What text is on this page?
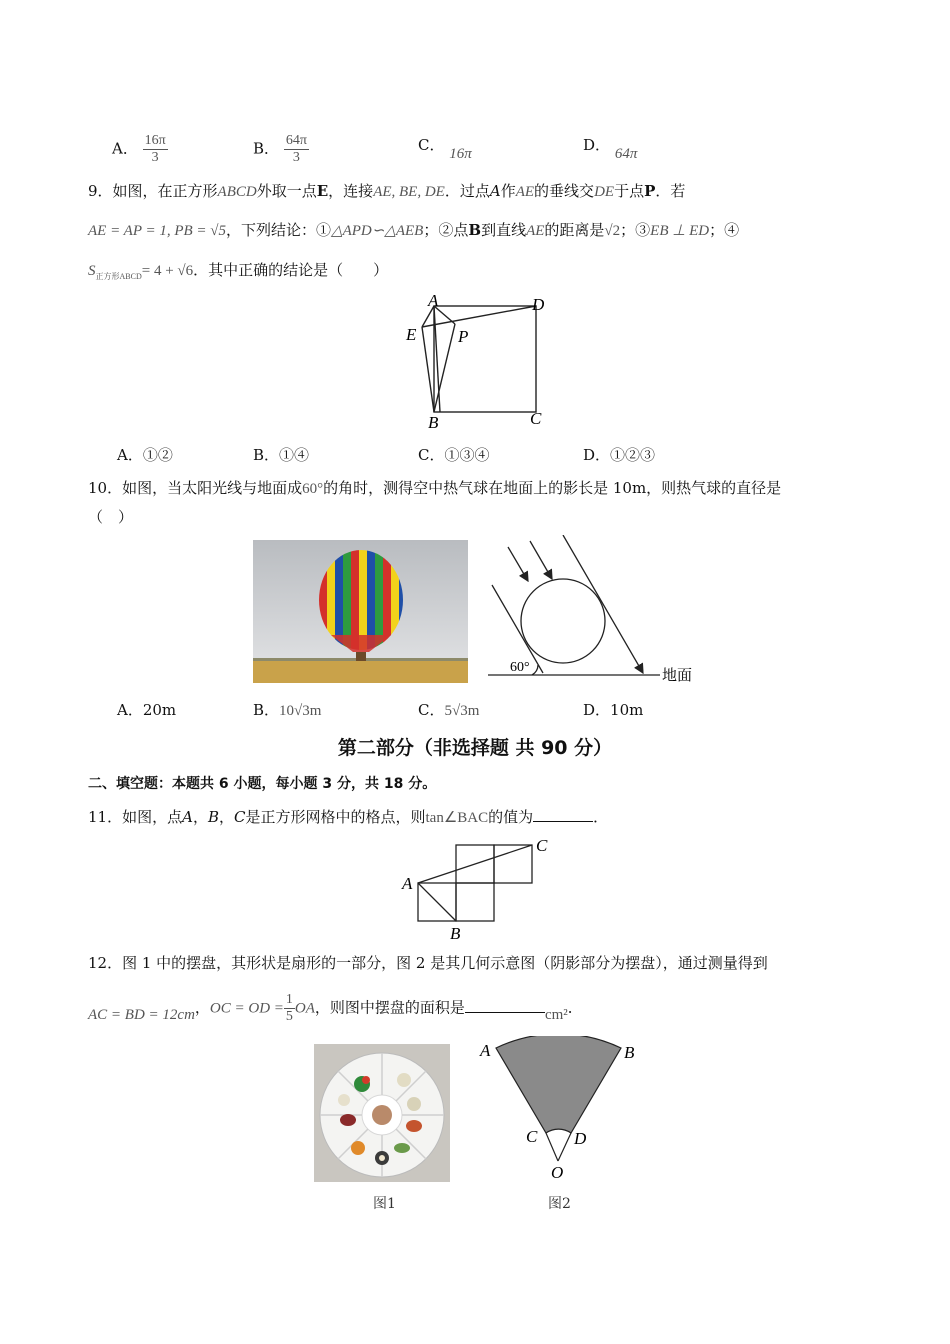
A． $\frac{16\pi}{3}$	B． $\frac{64\pi}{3}$	C． 16π	D． 64π
9．如图，在正方形ABCD外取一点E，连接AE, BE, DE．过点A作AE的垂线交DE于点P．若
AE = AP = 1, PB = √5，下列结论：①△APD∽△AEB；②点B到直线AE的距离是√2；③EB ⊥ ED；④
$S_{正方形ABCD}= 4 + √6$．其中正确的结论是（　　）
A	D
E P
B	C
A．①②	B．①④	C．①③④	D．①②③
10．如图，当太阳光线与地面成60°的角时，测得空中热气球在地面上的影长是 10m，则热气球的直径是
（　）
60°	地面
A．20m	B．10√3m	C．5√3m	D．10m
第二部分（非选择题 共 90 分）
二、填空题：本题共 6 小题，每小题 3 分，共 18 分。
11．如图，点A，B，C是正方形网格中的格点，则tan∠BAC的值为	．
A
B
C
12．图 1 中的摆盘，其形状是扇形的一部分，图 2 是其几何示意图（阴影部分为摆盘），通过测量得到
AC = BD = 12cm，OC = OD = $\frac{1}{5}$ OA，则图中摆盘的面积是	cm²．
图1
A	B
C D
O
图2
